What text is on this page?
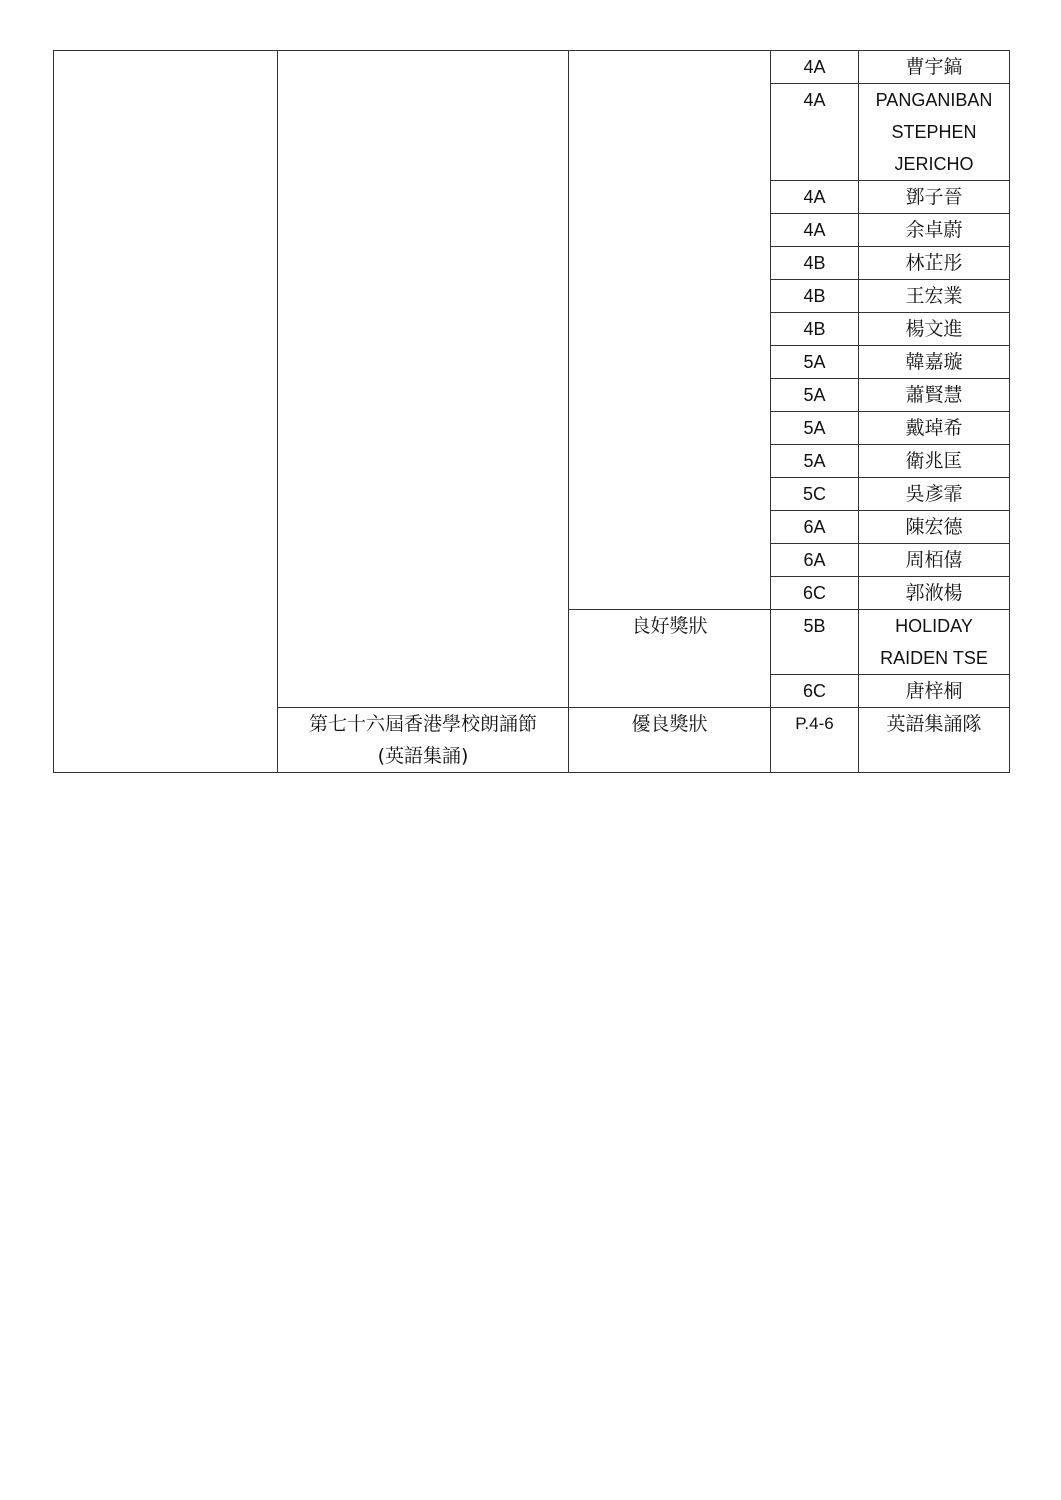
			4A	曹宇鎬

			4A	PANGANIBAN
STEPHEN
JERICHO

			4A	鄧子晉

			4A	余卓蔚

			4B	林芷彤

			4B	王宏業

			4B	楊文進

			5A	韓嘉璇

			5A	蕭賢慧

			5A	戴琸希

			5A	衛兆匡

			5C	吳彥霏

			6A	陳宏德

			6A	周栢僖

			6C	郭浟楊

		良好獎狀	5B	HOLIDAY
RAIDEN TSE

			6C	唐梓桐

	第七十六屆香港學校朗誦節
(英語集誦)	優良獎狀	P.4-6	英語集誦隊
